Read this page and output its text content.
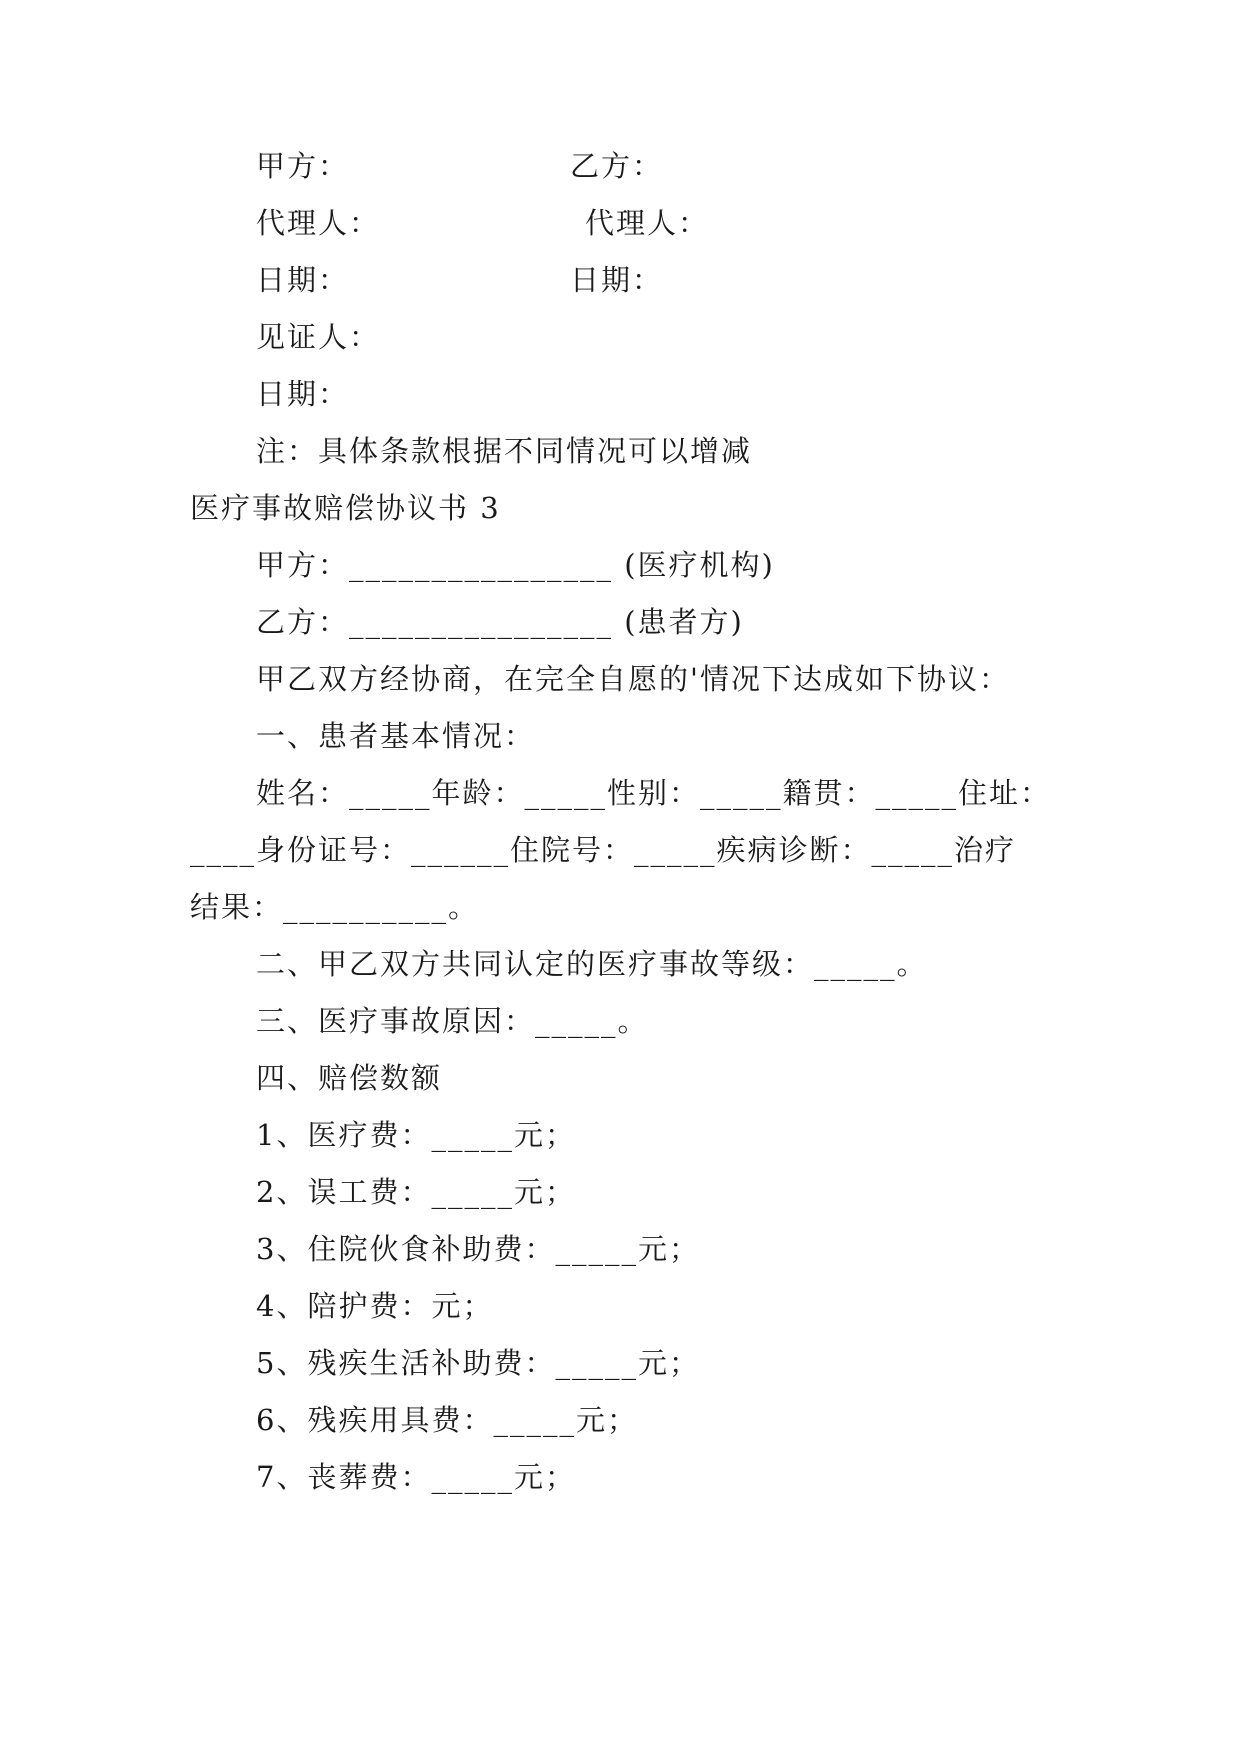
甲方：	乙方：
代理人：	代理人：
日期：	日期：
见证人：
日期：
注：具体条款根据不同情况可以增减
医疗事故赔偿协议书 3
甲方：________________ (医疗机构)
乙方：________________ (患者方)
甲乙双方经协商，在完全自愿的'情况下达成如下协议：
一、患者基本情况：
姓名：_____年龄：_____性别：_____籍贯：_____住址：
____身份证号：______住院号：_____疾病诊断：_____治疗
结果：__________。
二、甲乙双方共同认定的医疗事故等级：_____。
三、医疗事故原因：_____。
四、赔偿数额
1、医疗费：_____元；
2、误工费：_____元；
3、住院伙食补助费：_____元；
4、陪护费：元；
5、残疾生活补助费：_____元；
6、残疾用具费：_____元；
7、丧葬费：_____元；
